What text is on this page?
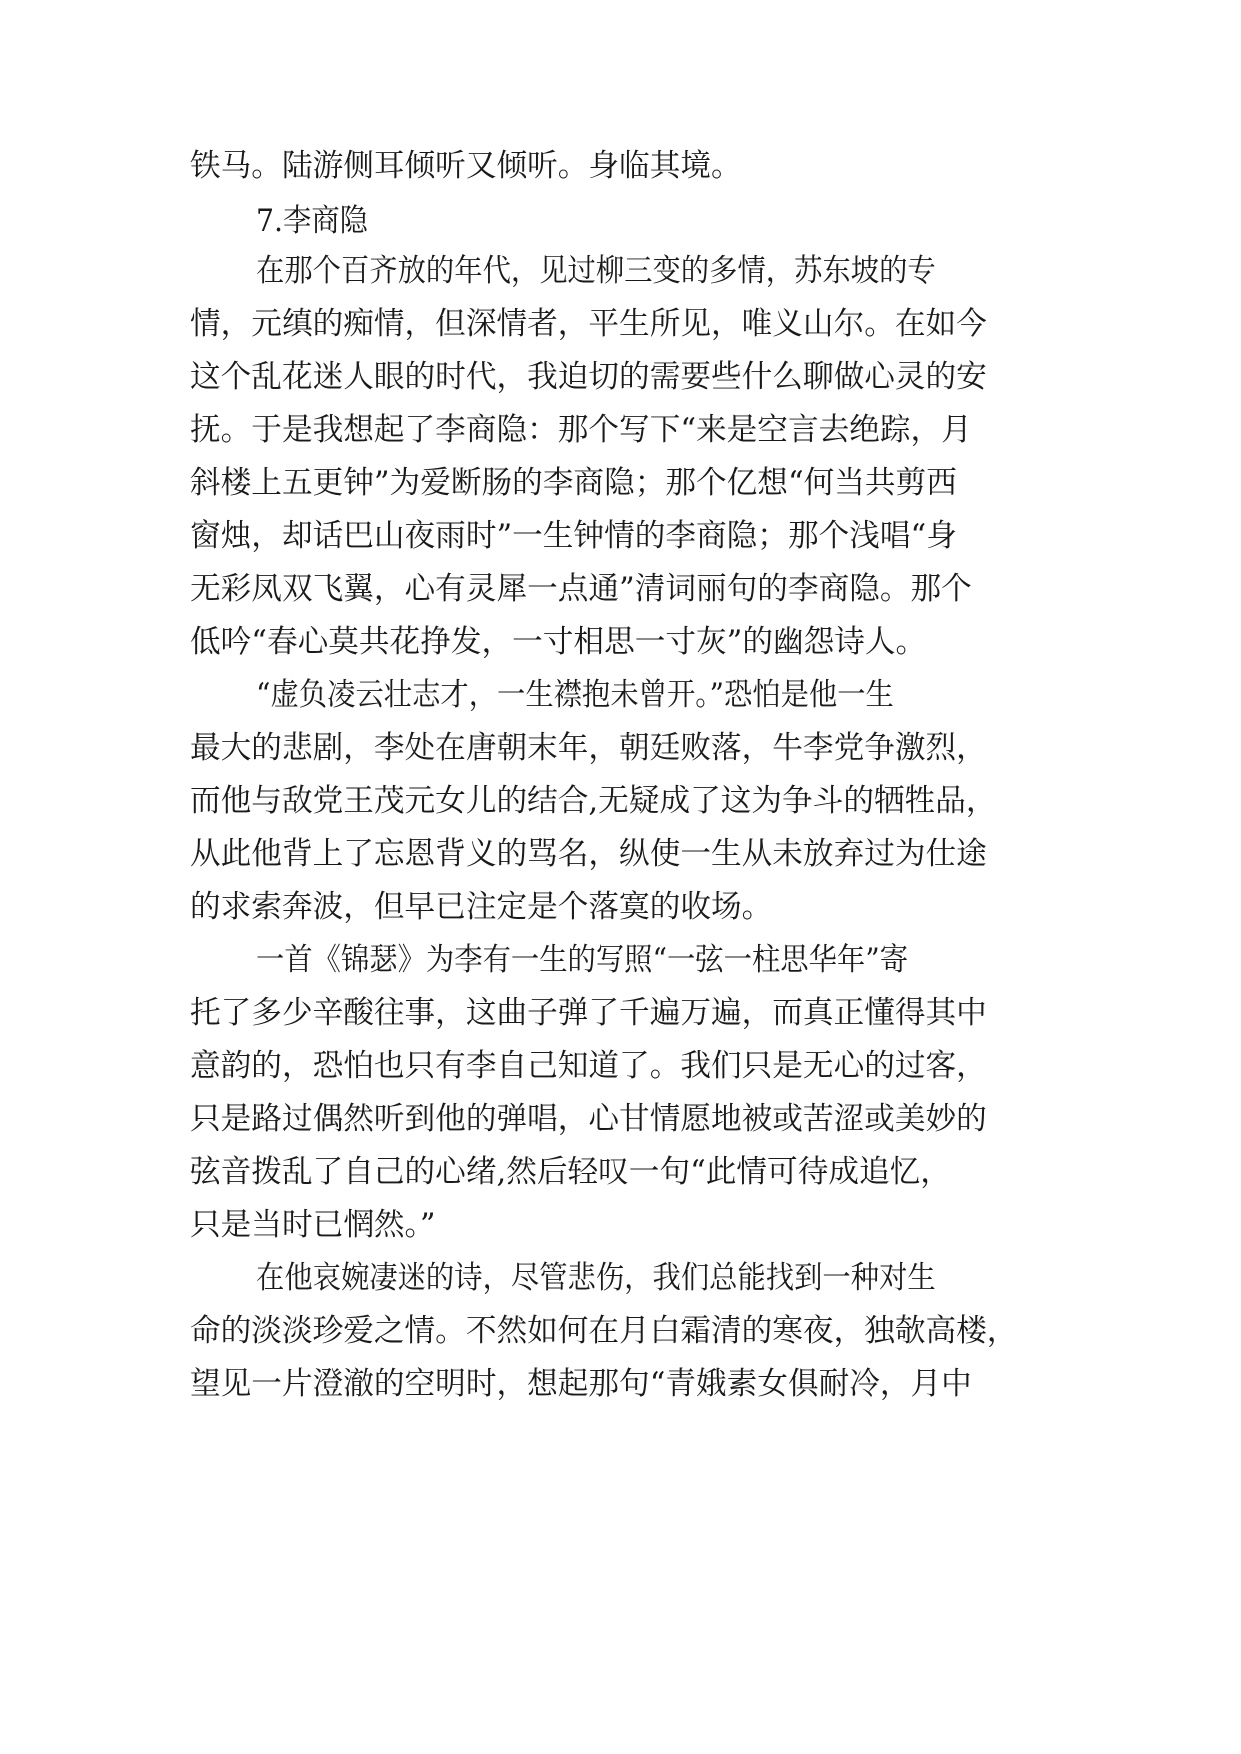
铁马。陆游侧耳倾听又倾听。身临其境。
7.李商隐
在那个百齐放的年代，见过柳三变的多情，苏东坡的专
情，元缜的痴情，但深情者，平生所见，唯义山尔。在如今
这个乱花迷人眼的时代，我迫切的需要些什么聊做心灵的安
抚。于是我想起了李商隐：那个写下“来是空言去绝踪，月
斜楼上五更钟”为爱断肠的李商隐；那个亿想“何当共剪西
窗烛，却话巴山夜雨时”一生钟情的李商隐；那个浅唱“身
无彩凤双飞翼，心有灵犀一点通”清词丽句的李商隐。那个
低吟“春心莫共花挣发，一寸相思一寸灰”的幽怨诗人。
“虚负凌云壮志才，一生襟抱未曾开。”恐怕是他一生
最大的悲剧，李处在唐朝末年，朝廷败落，牛李党争激烈，
而他与敌党王茂元女儿的结合,无疑成了这为争斗的牺牲品，
从此他背上了忘恩背义的骂名，纵使一生从未放弃过为仕途
的求索奔波，但早已注定是个落寞的收场。
一首《锦瑟》为李有一生的写照“一弦一柱思华年”寄
托了多少辛酸往事，这曲子弹了千遍万遍，而真正懂得其中
意韵的，恐怕也只有李自己知道了。我们只是无心的过客，
只是路过偶然听到他的弹唱，心甘情愿地被或苦涩或美妙的
弦音拨乱了自己的心绪,然后轻叹一句“此情可待成追忆，
只是当时已惘然。”
在他哀婉凄迷的诗，尽管悲伤，我们总能找到一种对生
命的淡淡珍爱之情。不然如何在月白霜清的寒夜，独欹高楼，
望见一片澄澈的空明时，想起那句“青娥素女俱耐冷，月中
